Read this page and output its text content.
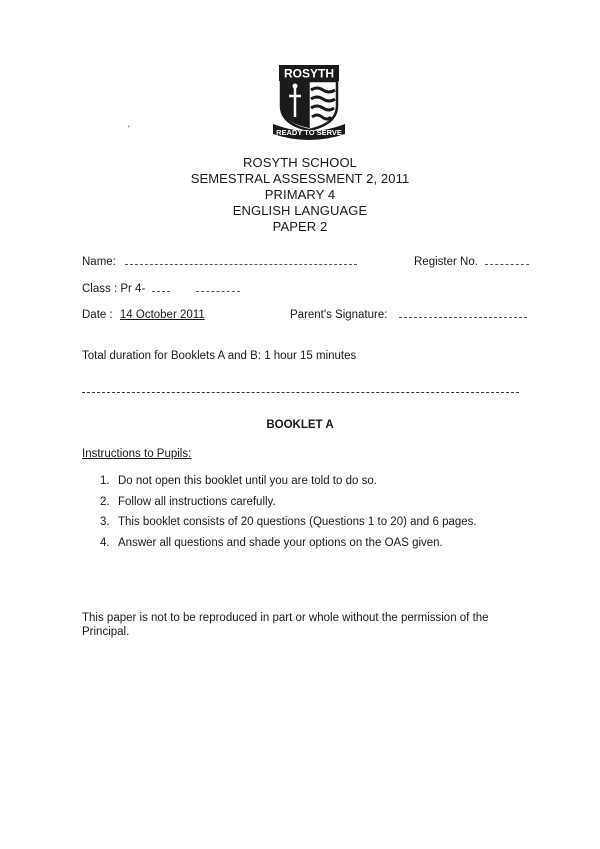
ROSYTH
READY TO SERVE
'
ROSYTH SCHOOL
SEMESTRAL ASSESSMENT 2, 2011
PRIMARY 4
ENGLISH LANGUAGE
PAPER 2
Name:	Register No.
Class : Pr 4-
Date : 14 October 2011	Parent's Signature:
Total duration for Booklets A and B: 1 hour 15 minutes
BOOKLET A
Instructions to Pupils:
1. Do not open this booklet until you are told to do so.
2. Follow all instructions carefully.
3. This booklet consists of 20 questions (Questions 1 to 20) and 6 pages.
4. Answer all questions and shade your options on the OAS given.
This paper is not to be reproduced in part or whole without the permission of the Principal.
